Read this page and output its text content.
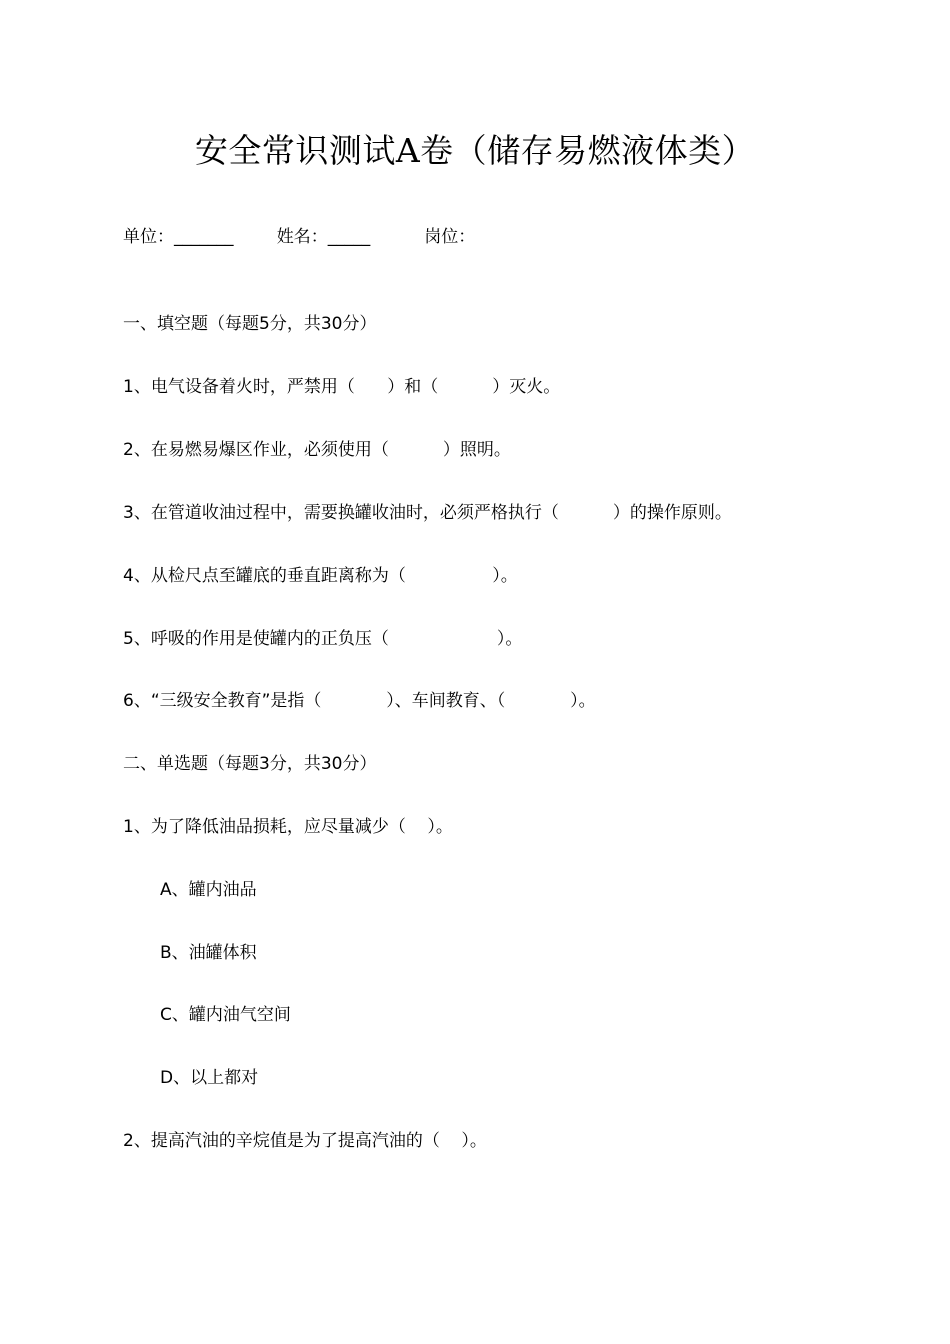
安全常识测试A卷（储存易燃液体类）
单位：_______        姓名：_____          岗位：
一、填空题（每题5分，共30分）
1、电气设备着火时，严禁用（      ）和（          ）灭火。
2、在易燃易爆区作业，必须使用（          ）照明。
3、在管道收油过程中，需要换罐收油时，必须严格执行（          ）的操作原则。
4、从检尺点至罐底的垂直距离称为（                ）。
5、呼吸的作用是使罐内的正负压（                    ）。
6、“三级安全教育”是指（            ）、车间教育、（            ）。
二、单选题（每题3分，共30分）
1、为了降低油品损耗，应尽量减少（    ）。
A、罐内油品
B、油罐体积
C、罐内油气空间
D、以上都对
2、提高汽油的辛烷值是为了提高汽油的（    ）。
